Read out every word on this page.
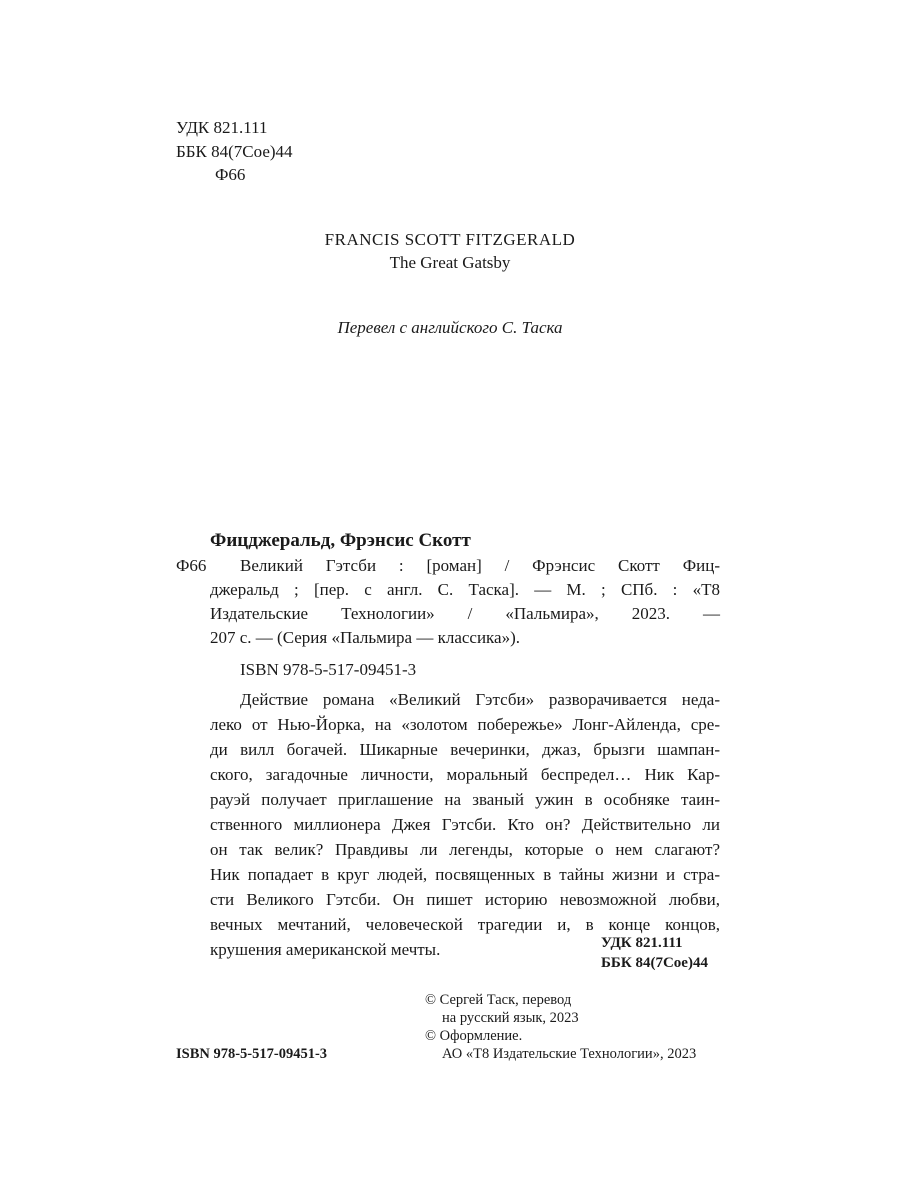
УДК 821.111
ББК 84(7Сое)44
Ф66
FRANCIS SCOTT FITZGERALD
The Great Gatsby
Перевел с английского С. Таска
Фицджеральд, Фрэнсис Скотт
Ф66 Великий Гэтсби : [роман] / Фрэнсис Скотт Фиц-
джеральд ; [пер. с англ. С. Таска]. — М. ; СПб. : «Т8
Издательские Технологии» / «Пальмира», 2023. —
207 с. — (Серия «Пальмира — классика»).
ISBN 978-5-517-09451-3
Действие романа «Великий Гэтсби» разворачивается неда-
леко от Нью-Йорка, на «золотом побережье» Лонг-Айленда, сре-
ди вилл богачей. Шикарные вечеринки, джаз, брызги шампан-
ского, загадочные личности, моральный беспредел… Ник Кар-
рауэй получает приглашение на званый ужин в особняке таин-
ственного миллионера Джея Гэтсби. Кто он? Действительно ли
он так велик? Правдивы ли легенды, которые о нем слагают?
Ник попадает в круг людей, посвященных в тайны жизни и стра-
сти Великого Гэтсби. Он пишет историю невозможной любви,
вечных мечтаний, человеческой трагедии и, в конце концов,
крушения американской мечты.	УДК 821.111
ББК 84(7Сое)44
© Сергей Таск, перевод
на русский язык, 2023
© Оформление.
АО «Т8 Издательские Технологии», 2023
ISBN 978-5-517-09451-3
